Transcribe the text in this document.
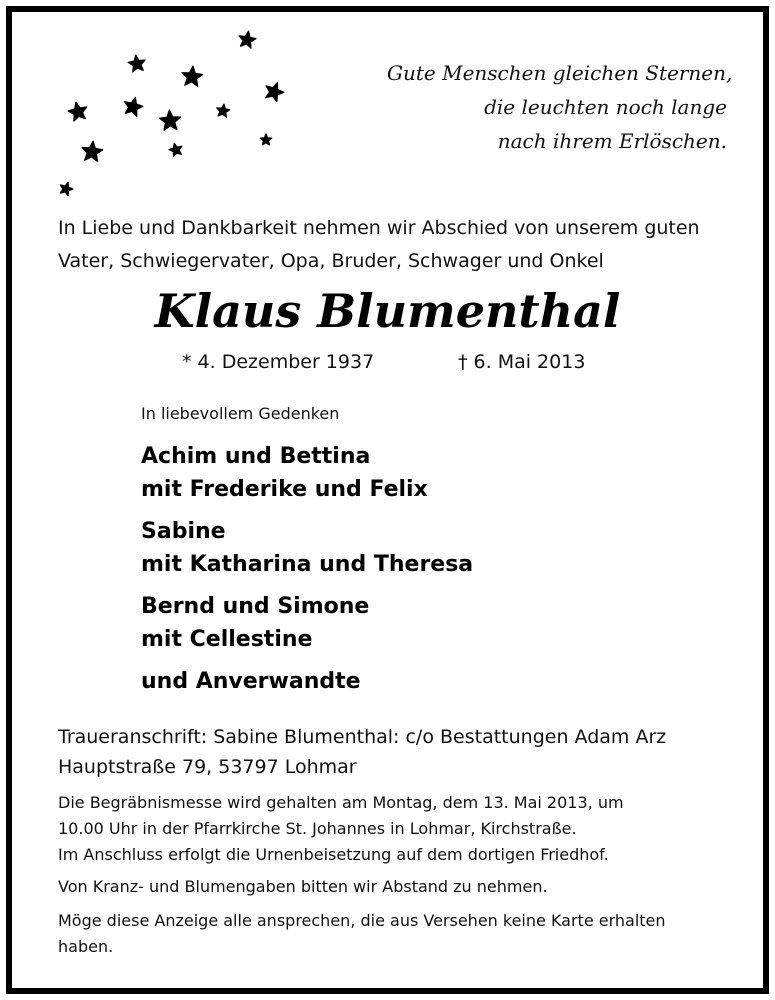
Gute Menschen gleichen Sternen,
die leuchten noch lange
nach ihrem Erlöschen.
In Liebe und Dankbarkeit nehmen wir Abschied von unserem guten
Vater, Schwiegervater, Opa, Bruder, Schwager und Onkel
Klaus Blumenthal
* 4. Dezember 1937	† 6. Mai 2013
In liebevollem Gedenken
Achim und Bettina
mit Frederike und Felix
Sabine
mit Katharina und Theresa
Bernd und Simone
mit Cellestine
und Anverwandte
Traueranschrift: Sabine Blumenthal: c/o Bestattungen Adam Arz
Hauptstraße 79, 53797 Lohmar
Die Begräbnismesse wird gehalten am Montag, dem 13. Mai 2013, um
10.00 Uhr in der Pfarrkirche St. Johannes in Lohmar, Kirchstraße.
Im Anschluss erfolgt die Urnenbeisetzung auf dem dortigen Friedhof.
Von Kranz- und Blumengaben bitten wir Abstand zu nehmen.
Möge diese Anzeige alle ansprechen, die aus Versehen keine Karte erhalten
haben.
